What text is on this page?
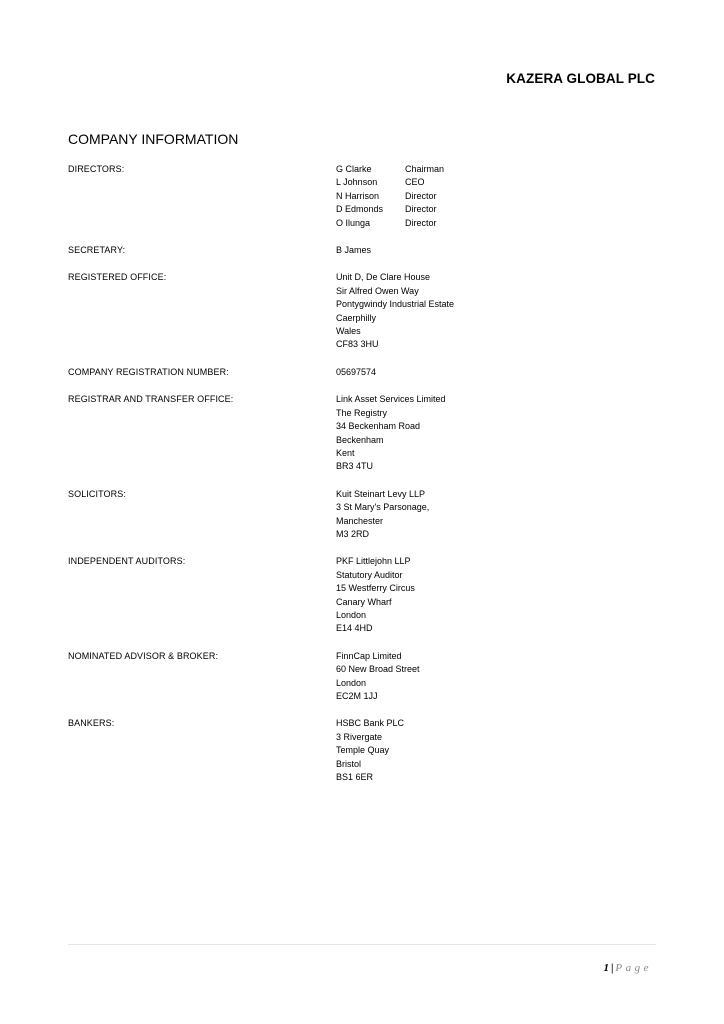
KAZERA GLOBAL PLC
COMPANY INFORMATION
DIRECTORS:	G Clarke	Chairman
L Johnson	CEO
N Harrison	Director
D Edmonds	Director
O Ilunga	Director
SECRETARY:	B James
REGISTERED OFFICE:	Unit D, De Clare House
Sir Alfred Owen Way
Pontygwindy Industrial Estate
Caerphilly
Wales
CF83 3HU
COMPANY REGISTRATION NUMBER:	05697574
REGISTRAR AND TRANSFER OFFICE:	Link Asset Services Limited
The Registry
34 Beckenham Road
Beckenham
Kent
BR3 4TU
SOLICITORS:	Kuit Steinart Levy LLP
3 St Mary's Parsonage,
Manchester
M3 2RD
INDEPENDENT AUDITORS:	PKF Littlejohn LLP
Statutory Auditor
15 Westferry Circus
Canary Wharf
London
E14 4HD
NOMINATED ADVISOR & BROKER:	FinnCap Limited
60 New Broad Street
London
EC2M 1JJ
BANKERS:	HSBC Bank PLC
3 Rivergate
Temple Quay
Bristol
BS1 6ER
1 | Page
